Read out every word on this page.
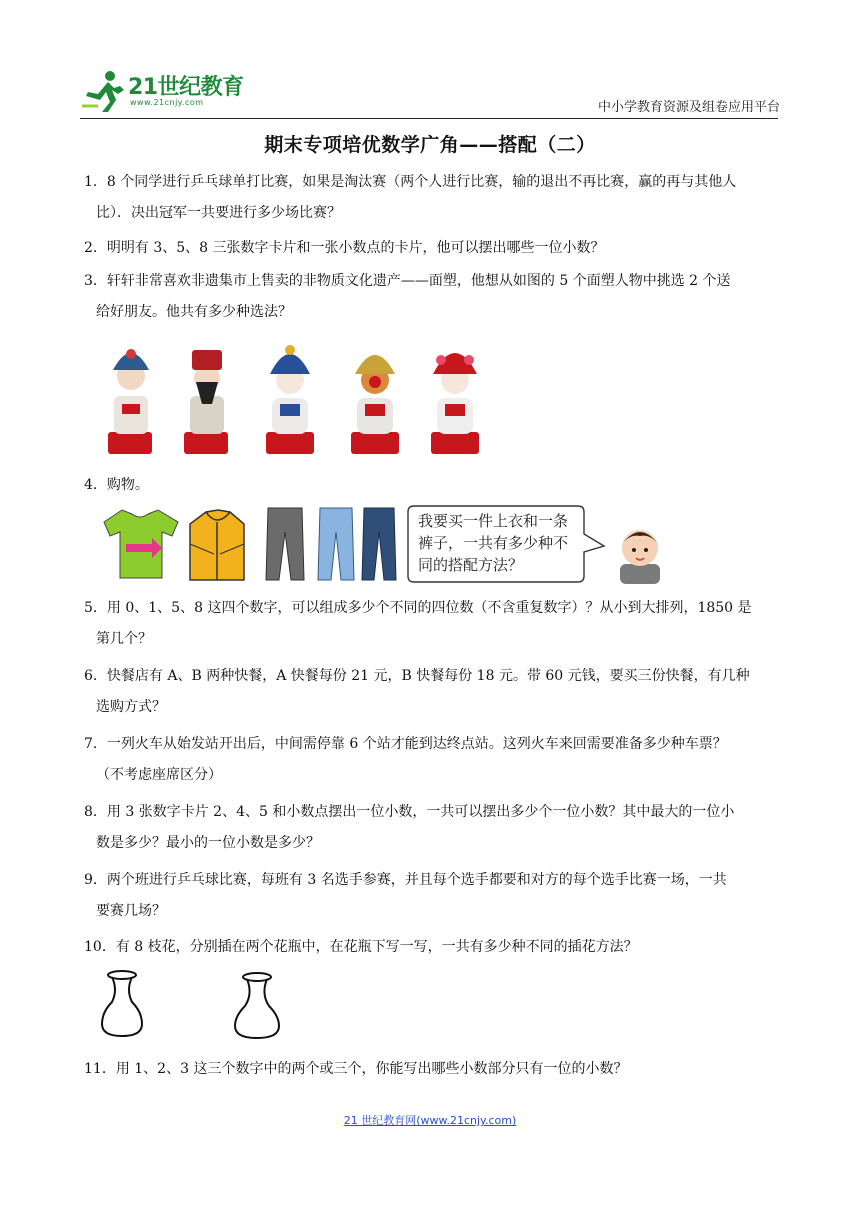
21世纪教育
www.21cnjy.com	中小学教育资源及组卷应用平台
期末专项培优数学广角——搭配（二）
1．8 个同学进行乒乓球单打比赛，如果是淘汰赛（两个人进行比赛，输的退出不再比赛，赢的再与其他人
比）．决出冠军一共要进行多少场比赛？
2．明明有 3、5、8 三张数字卡片和一张小数点的卡片，他可以摆出哪些一位小数？
3．轩轩非常喜欢非遗集市上售卖的非物质文化遗产——面塑，他想从如图的 5 个面塑人物中挑选 2 个送
给好朋友。他共有多少种选法？
4．购物。
我要买一件上衣和一条
裤子，一共有多少种不
同的搭配方法？
5．用 0、1、5、8 这四个数字，可以组成多少个不同的四位数（不含重复数字）？从小到大排列，1850 是
第几个？
6．快餐店有 A、B 两种快餐，A 快餐每份 21 元，B 快餐每份 18 元。带 60 元钱，要买三份快餐，有几种
选购方式？
7．一列火车从始发站开出后，中间需停靠 6 个站才能到达终点站。这列火车来回需要准备多少种车票？
（不考虑座席区分）
8．用 3 张数字卡片 2、4、5 和小数点摆出一位小数，一共可以摆出多少个一位小数？其中最大的一位小
数是多少？最小的一位小数是多少？
9．两个班进行乒乓球比赛，每班有 3 名选手参赛，并且每个选手都要和对方的每个选手比赛一场，一共
要赛几场？
10．有 8 枝花，分别插在两个花瓶中，在花瓶下写一写，一共有多少种不同的插花方法？
11．用 1、2、3 这三个数字中的两个或三个，你能写出哪些小数部分只有一位的小数？
21 世纪教育网(www.21cnjy.com)
